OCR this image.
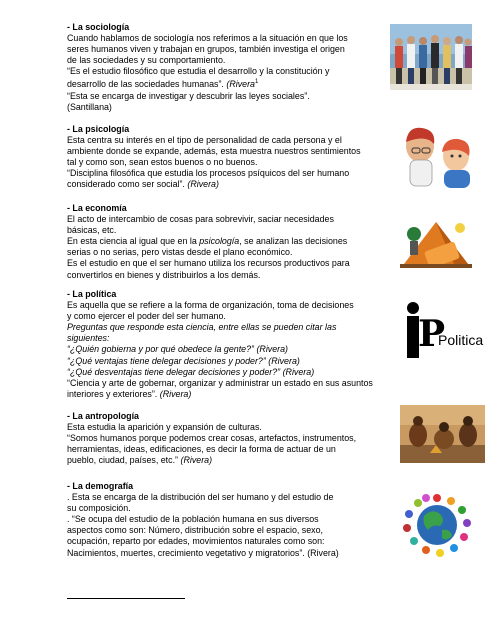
- La sociología
Cuando hablamos de sociología nos referimos a la situación en que los
seres humanos viven y trabajan en grupos, también investiga el origen
de las sociedades y su comportamiento.
“Es el estudio filosófico que estudia el desarrollo y la constitución y
desarrollo de las sociedades humanas”. (Rivera$^1$
“Esta se encarga de investigar y descubrir las leyes sociales”.
(Santillana)
- La psicología
Esta centra su interés en el tipo de personalidad de cada persona y el
ambiente donde se expande, además, esta muestra nuestros sentimientos
tal y como son, sean estos buenos o no buenos.
“Disciplina filosófica que estudia los procesos psíquicos del ser humano
considerado como ser social”. (Rivera)
- La economía
El acto de intercambio de cosas para sobrevivir, saciar necesidades
básicas, etc.
En esta ciencia al igual que en la psicología, se analizan las decisiones
serias o no serias, pero vistas desde el plano económico.
Es el estudio en que el ser humano utiliza los recursos productivos para
convertirlos en bienes y distribuirlos a los demás.
- La política
Es aquella que se refiere a la forma de organización, toma de decisiones
y como ejercer el poder del ser humano.
Preguntas que responde esta ciencia, entre ellas se pueden citar las
siguientes:
“¿Quién gobierna y por qué obedece la gente?” (Rivera)
“¿Qué ventajas tiene delegar decisiones y poder?” (Rivera)
“¿Qué desventajas tiene delegar decisiones y poder?” (Rivera)
“Ciencia y arte de gobernar, organizar y administrar un estado en sus asuntos
interiores y exteriores”. (Rivera)
P
Politica
- La antropología
Esta estudia la aparición y expansión de culturas.
“Somos humanos porque podemos crear cosas, artefactos, instrumentos,
herramientas, ideas, edificaciones, es decir la forma de actuar de un
pueblo, ciudad, países, etc.” (Rivera)
- La demografía
. Esta se encarga de la distribución del ser humano y del estudio de
su composición.
. “Se ocupa del estudio de la población humana en sus diversos
aspectos como son: Número, distribución sobre el espacio, sexo,
ocupación, reparto por edades, movimientos naturales como son:
Nacimientos, muertes, crecimiento vegetativo y migratorios”. (Rivera)
